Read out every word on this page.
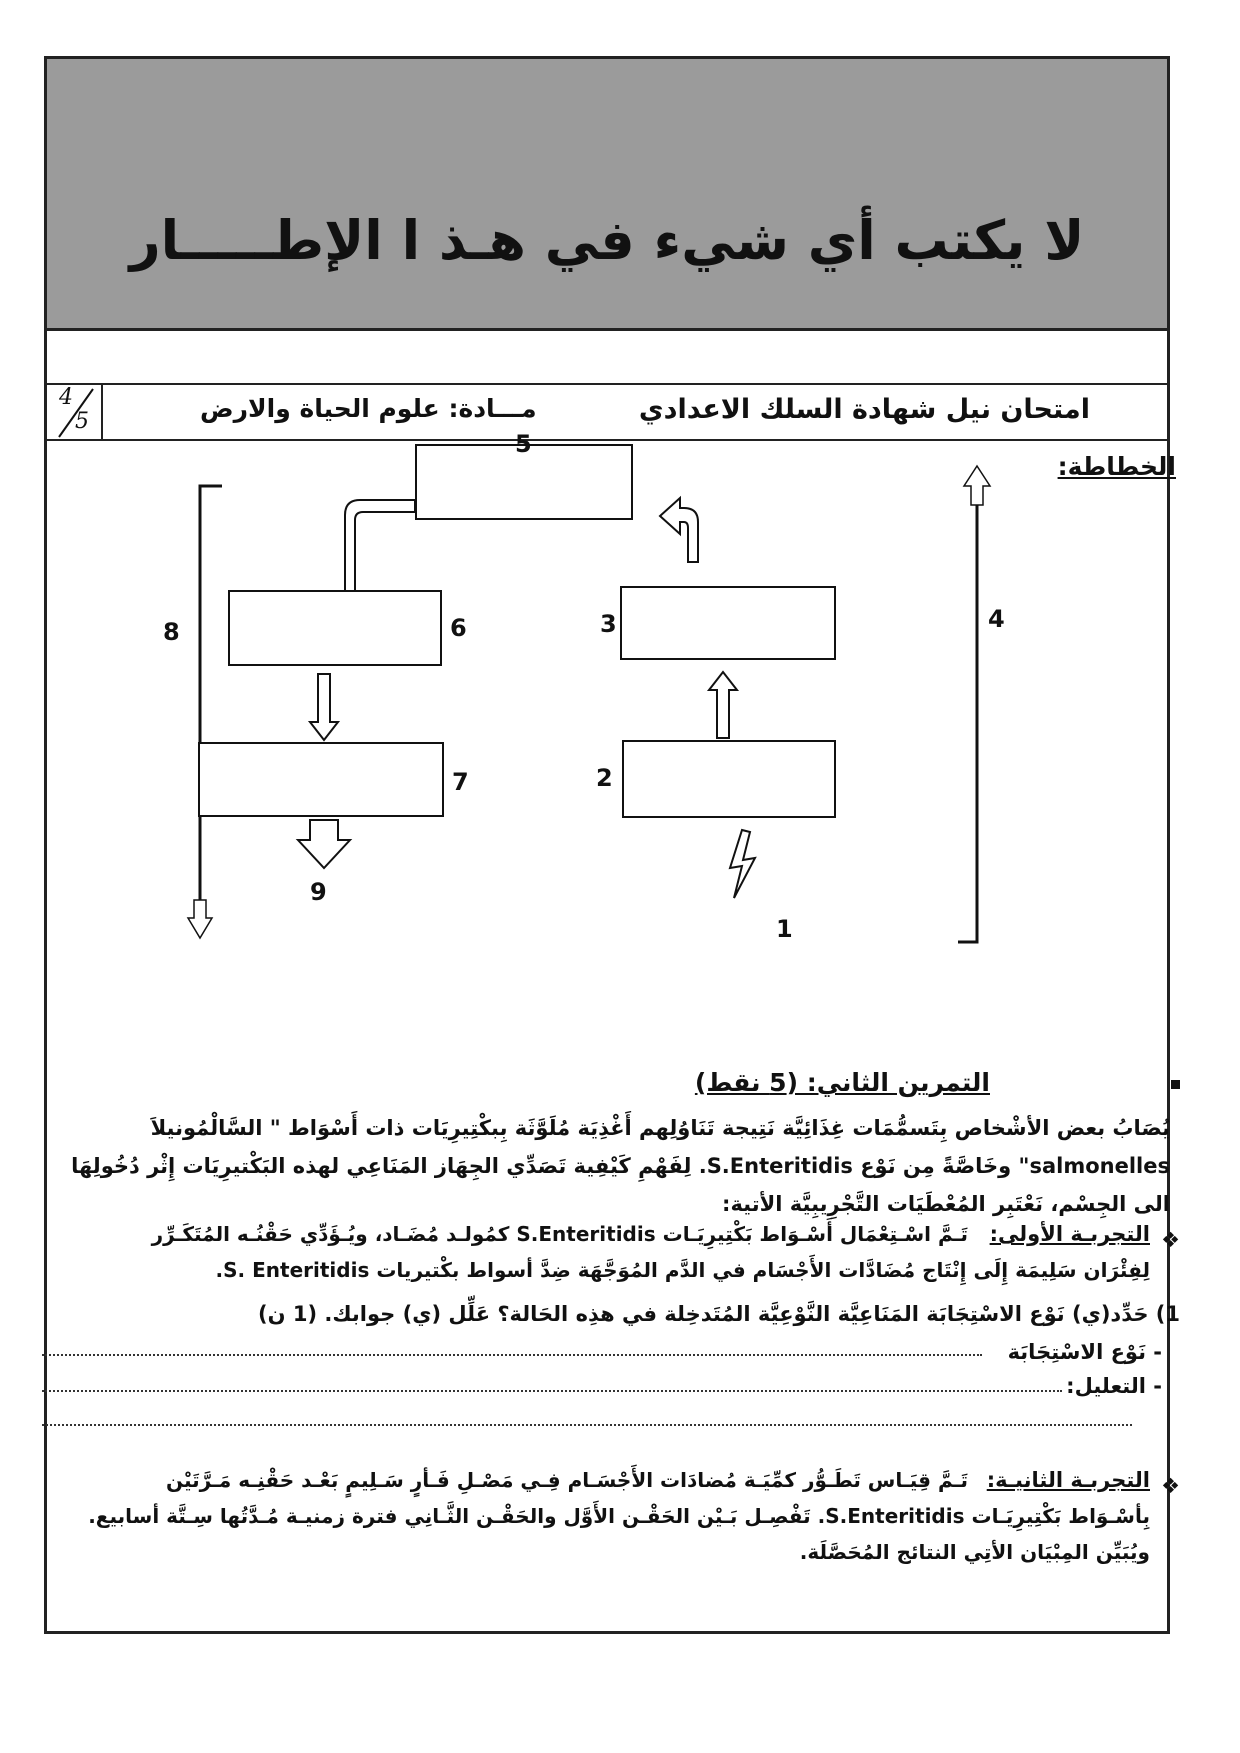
لا يكتب أي شيء في هـذ ا الإطـــــار
4
5	مـــادة: علوم الحياة والارض	امتحان نيل شهادة السلك الاعدادي
الخطاطة:
5
6	3
7	2
8	4
9
1
التمرين الثاني: (5 نقط)
يُصَابُ بعض الأشْخاص بِتَسمُّمَات غِذَائِيَّة نَتِيجة تَنَاوُلِهم أَغْذِيَة مُلَوَّثَة بِبكْتِيرِيَات ذات أَسْوَاط " السَّالْمُونيلاَ
salmonelles" وخَاصَّةً مِن نَوْع S.Enteritidis. لِفَهْمِ كَيْفِية تَصَدِّي الجِهَاز المَنَاعِي لهذه البَكْتيرِيَات إِثْر دُخُولِهَا
الى الجِسْم، نَعْتَبِر المُعْطَيَات التَّجْرِيبِيَّة الأتية:
❖
التجربـة الأولى:
تَـمَّ اسْـتِعْمَال أَسْـوَاط بَكْتِيرِيَـات S.Enteritidis كمُولـد مُضَـاد، ويُـؤَدِّي حَقْنُـه المُتَكَـرِّر
لِفِئْرَان سَلِيمَة إِلَى إِنْتَاج مُضَادَّات الأَجْسَام في الدَّم المُوَجَّهَة ضِدَّ أسواط بكْتيريات S. Enteritidis.
1) حَدِّد(ي) نَوْع الاسْتِجَابَة المَنَاعِيَّة النَّوْعِيَّة المُتَدخِلة في هذِه الحَالة؟ عَلِّل (ي) جوابك. (1 ن)
- نَوْع الاسْتِجَابَة
- التعليل:
❖
التجربـة الثانيـة:
تَـمَّ قِيَـاس تَطَـوُّر كمِّيَـة مُضادَات الأَجْسَـام فِـي مَصْـلِ فَـأرٍ سَـلِيمٍ بَعْـد حَقْنِـه مَـرَّتَيْن
بِأسْـوَاط بَكْتِيرِيَـات S.Enteritidis. تَفْصِـل بَـيْن الحَقْـن الأَوَّل والحَقْـن الثَّـانِي فترة زمنيـة مُـدَّتُها سِـتَّة أسابيع.
ويُبَيِّن المِبْيَان الأتِي النتائج المُحَصَّلَة.
